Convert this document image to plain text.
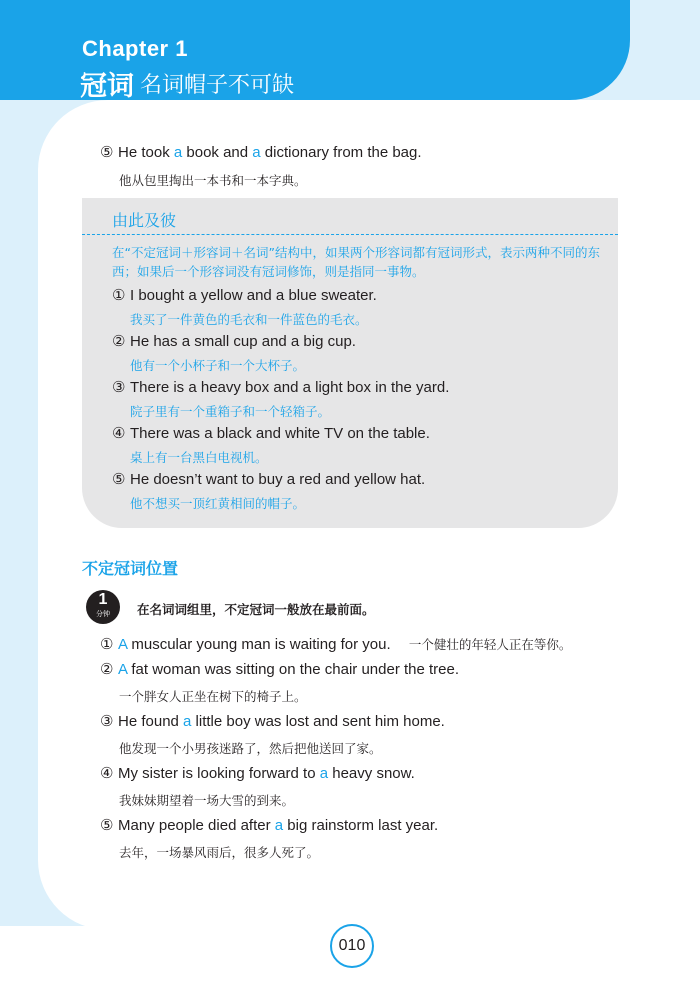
Chapter 1
冠词 名词帽子不可缺
⑤ He took a book and a dictionary from the bag.
他从包里掏出一本书和一本字典。
由此及彼
在“不定冠词＋形容词＋名词”结构中，如果两个形容词都有冠词形式，表示两种不同的东西；如果后一个形容词没有冠词修饰，则是指同一事物。
① I bought a yellow and a blue sweater.
我买了一件黄色的毛衣和一件蓝色的毛衣。
② He has a small cup and a big cup.
他有一个小杯子和一个大杯子。
③ There is a heavy box and a light box in the yard.
院子里有一个重箱子和一个轻箱子。
④ There was a black and white TV on the table.
桌上有一台黑白电视机。
⑤ He doesn’t want to buy a red and yellow hat.
他不想买一顶红黄相间的帽子。
不定冠词位置
1
分钟	在名词词组里，不定冠词一般放在最前面。
① A muscular young man is waiting for you. 一个健壮的年轻人正在等你。
② A fat woman was sitting on the chair under the tree.
一个胖女人正坐在树下的椅子上。
③ He found a little boy was lost and sent him home.
他发现一个小男孩迷路了，然后把他送回了家。
④ My sister is looking forward to a heavy snow.
我妹妹期望着一场大雪的到来。
⑤ Many people died after a big rainstorm last year.
去年，一场暴风雨后，很多人死了。
010
